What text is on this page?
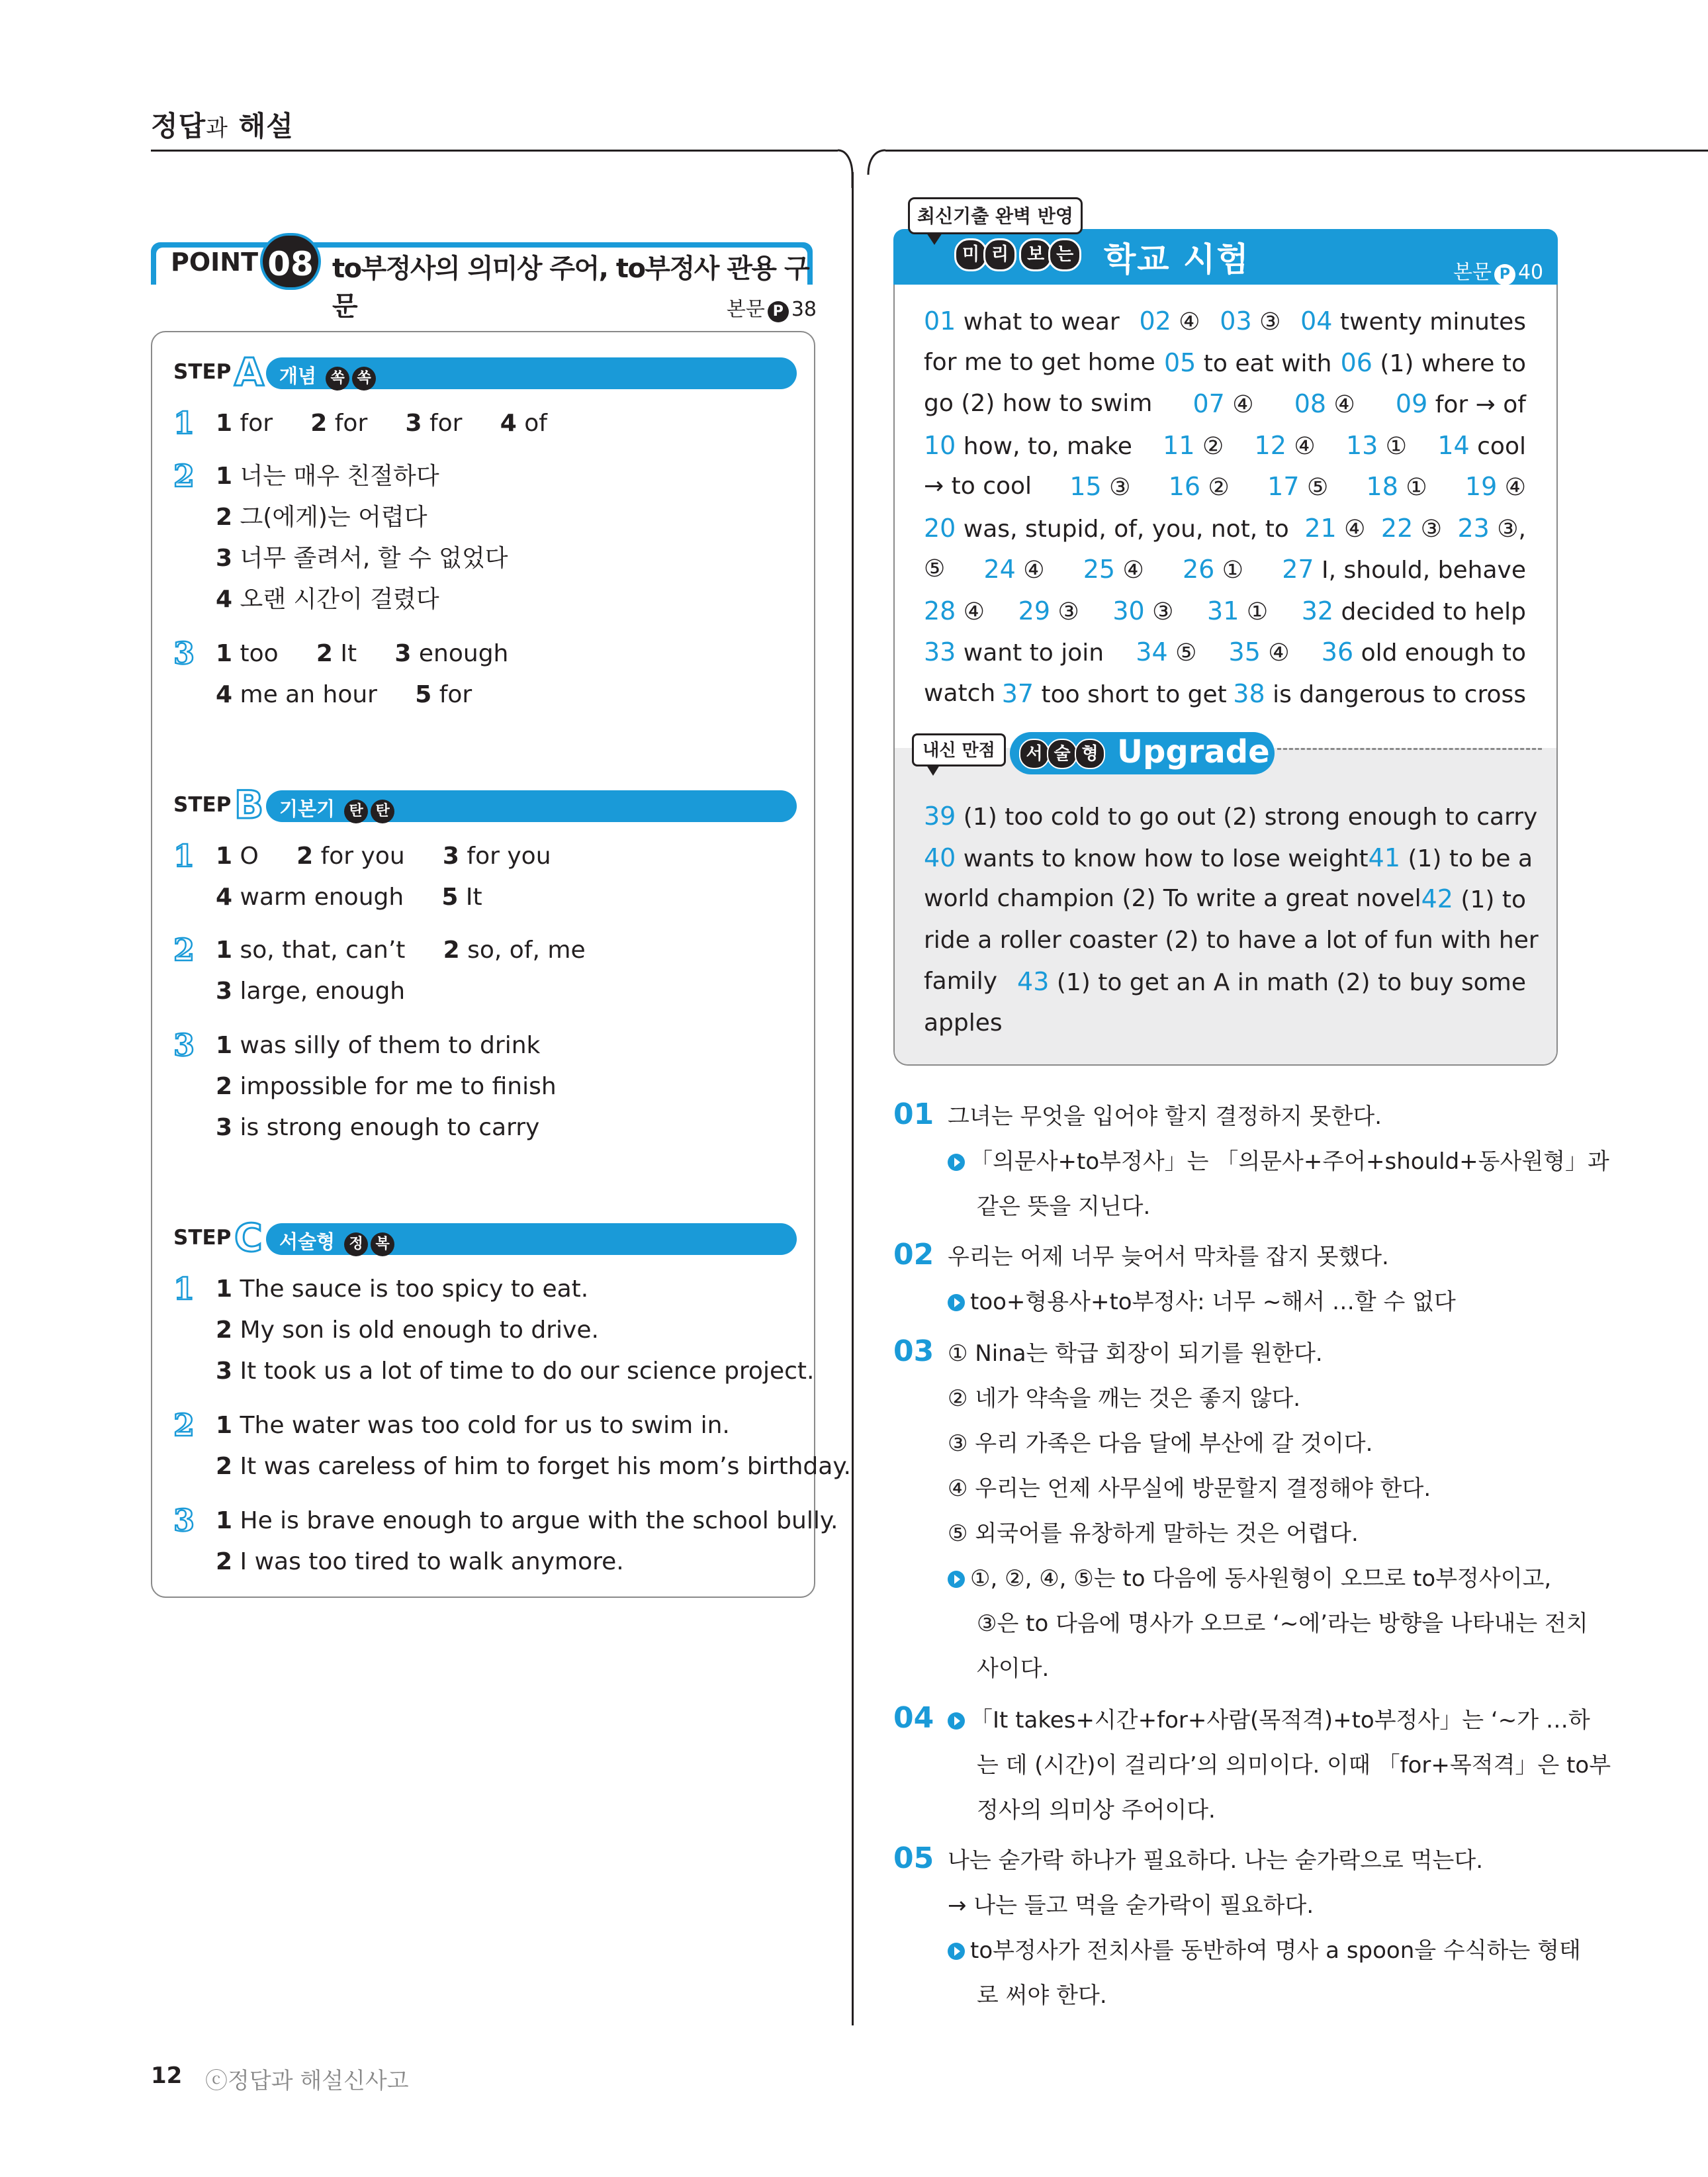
정답과 해설
POINT 08 to부정사의 의미상 주어, to부정사 관용 구문	본문 P 38
STEP A 개념 쏙 쏙
1 1 for 2 for 3 for 4 of
2 1 너는 매우 친절하다
2 그(에게)는 어렵다
3 너무 졸려서, 할 수 없었다
4 오랜 시간이 걸렸다
3 1 too 2 It 3 enough
4 me an hour 5 for
STEP B 기본기 탄 탄
1 1 O 2 for you 3 for you
4 warm enough 5 It
2 1 so, that, can’t 2 so, of, me
3 large, enough
3 1 was silly of them to drink
2 impossible for me to finish
3 is strong enough to carry
STEP C 서술형 정 복
1 1 The sauce is too spicy to eat.
2 My son is old enough to drive.
3 It took us a lot of time to do our science project.
2 1 The water was too cold for us to swim in.
2 It was careless of him to forget his mom’s birthday.
3 1 He is brave enough to argue with the school bully.
2 I was too tired to walk anymore.
최신기출 완벽 반영
미 리 보 는 학교 시험	본문 P 40
01 what to wear 02 ④ 03 ③ 04 twenty minutes
for me to get home 05 to eat with 06 (1) where to
go (2) how to swim 07 ④ 08 ④ 09 for → of
10 how, to, make 11 ② 12 ④ 13 ① 14 cool
→ to cool 15 ③ 16 ② 17 ⑤ 18 ① 19 ④
20 was, stupid, of, you, not, to 21 ④ 22 ③ 23 ③,
⑤ 24 ④ 25 ④ 26 ① 27 I, should, behave
28 ④ 29 ③ 30 ③ 31 ① 32 decided to help
33 want to join 34 ⑤ 35 ④ 36 old enough to
watch 37 too short to get 38 is dangerous to cross
내신 만점	서 술 형 Upgrade
39 (1) too cold to go out (2) strong enough to carry
40 wants to know how to lose weight 41 (1) to be a
world champion (2) To write a great novel 42 (1) to
ride a roller coaster (2) to have a lot of fun with her
family 43 (1) to get an A in math (2) to buy some
apples
01 그녀는 무엇을 입어야 할지 결정하지 못한다.
「의문사+to부정사」는 「의문사+주어+should+동사원형」과
같은 뜻을 지닌다.
02 우리는 어제 너무 늦어서 막차를 잡지 못했다.
too+형용사+to부정사: 너무 ~해서 …할 수 없다
03 ① Nina는 학급 회장이 되기를 원한다.
② 네가 약속을 깨는 것은 좋지 않다.
③ 우리 가족은 다음 달에 부산에 갈 것이다.
④ 우리는 언제 사무실에 방문할지 결정해야 한다.
⑤ 외국어를 유창하게 말하는 것은 어렵다.
①, ②, ④, ⑤는 to 다음에 동사원형이 오므로 to부정사이고,
③은 to 다음에 명사가 오므로 ‘~에’라는 방향을 나타내는 전치
사이다.
04	「It takes+시간+for+사람(목적격)+to부정사」는 ‘~가 …하
는 데 (시간)이 걸리다’의 의미이다. 이때 「for+목적격」은 to부
정사의 의미상 주어이다.
05 나는 숟가락 하나가 필요하다. 나는 숟가락으로 먹는다.
→ 나는 들고 먹을 숟가락이 필요하다.
to부정사가 전치사를 동반하여 명사 a spoon을 수식하는 형태
로 써야 한다.
12 ⓒ정답과 해설신사고
